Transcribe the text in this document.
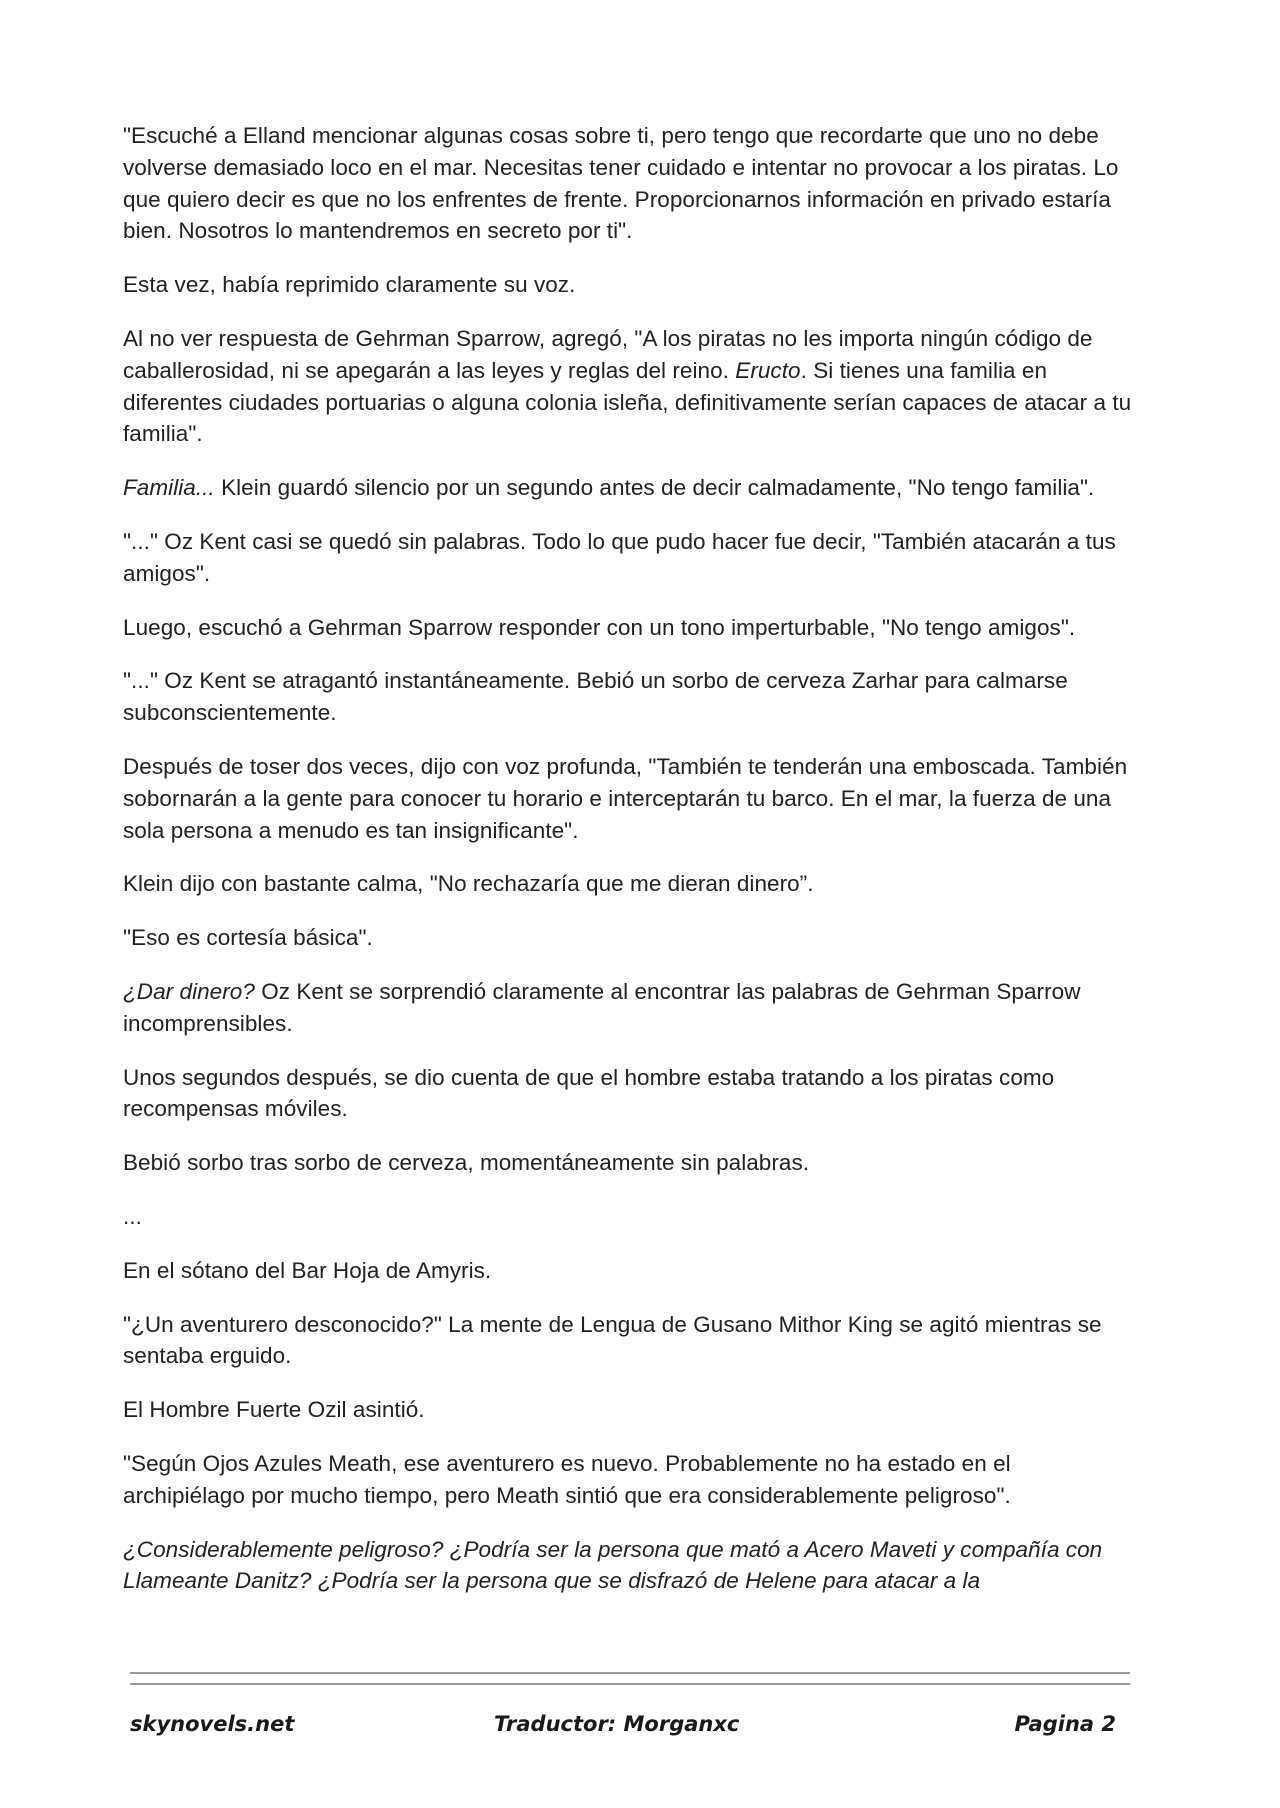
"Escuché a Elland mencionar algunas cosas sobre ti, pero tengo que recordarte que uno no debe volverse demasiado loco en el mar. Necesitas tener cuidado e intentar no provocar a los piratas. Lo que quiero decir es que no los enfrentes de frente. Proporcionarnos información en privado estaría bien. Nosotros lo mantendremos en secreto por ti".

Esta vez, había reprimido claramente su voz.

Al no ver respuesta de Gehrman Sparrow, agregó, "A los piratas no les importa ningún código de caballerosidad, ni se apegarán a las leyes y reglas del reino. Eructo. Si tienes una familia en diferentes ciudades portuarias o alguna colonia isleña, definitivamente serían capaces de atacar a tu familia".

Familia... Klein guardó silencio por un segundo antes de decir calmadamente, "No tengo familia".

"..." Oz Kent casi se quedó sin palabras. Todo lo que pudo hacer fue decir, "También atacarán a tus amigos".

Luego, escuchó a Gehrman Sparrow responder con un tono imperturbable, "No tengo amigos".

"..." Oz Kent se atragantó instantáneamente. Bebió un sorbo de cerveza Zarhar para calmarse subconscientemente.

Después de toser dos veces, dijo con voz profunda, "También te tenderán una emboscada. También sobornarán a la gente para conocer tu horario e interceptarán tu barco. En el mar, la fuerza de una sola persona a menudo es tan insignificante".

Klein dijo con bastante calma, "No rechazaría que me dieran dinero”.

"Eso es cortesía básica".

¿Dar dinero? Oz Kent se sorprendió claramente al encontrar las palabras de Gehrman Sparrow incomprensibles.

Unos segundos después, se dio cuenta de que el hombre estaba tratando a los piratas como recompensas móviles.

Bebió sorbo tras sorbo de cerveza, momentáneamente sin palabras.

...

En el sótano del Bar Hoja de Amyris.

"¿Un aventurero desconocido?" La mente de Lengua de Gusano Mithor King se agitó mientras se sentaba erguido.

El Hombre Fuerte Ozil asintió.

"Según Ojos Azules Meath, ese aventurero es nuevo. Probablemente no ha estado en el archipiélago por mucho tiempo, pero Meath sintió que era considerablemente peligroso".

¿Considerablemente peligroso? ¿Podría ser la persona que mató a Acero Maveti y compañía con Llameante Danitz? ¿Podría ser la persona que se disfrazó de Helene para atacar a la

skynovels.net	Traductor: Morganxc	Pagina 2
